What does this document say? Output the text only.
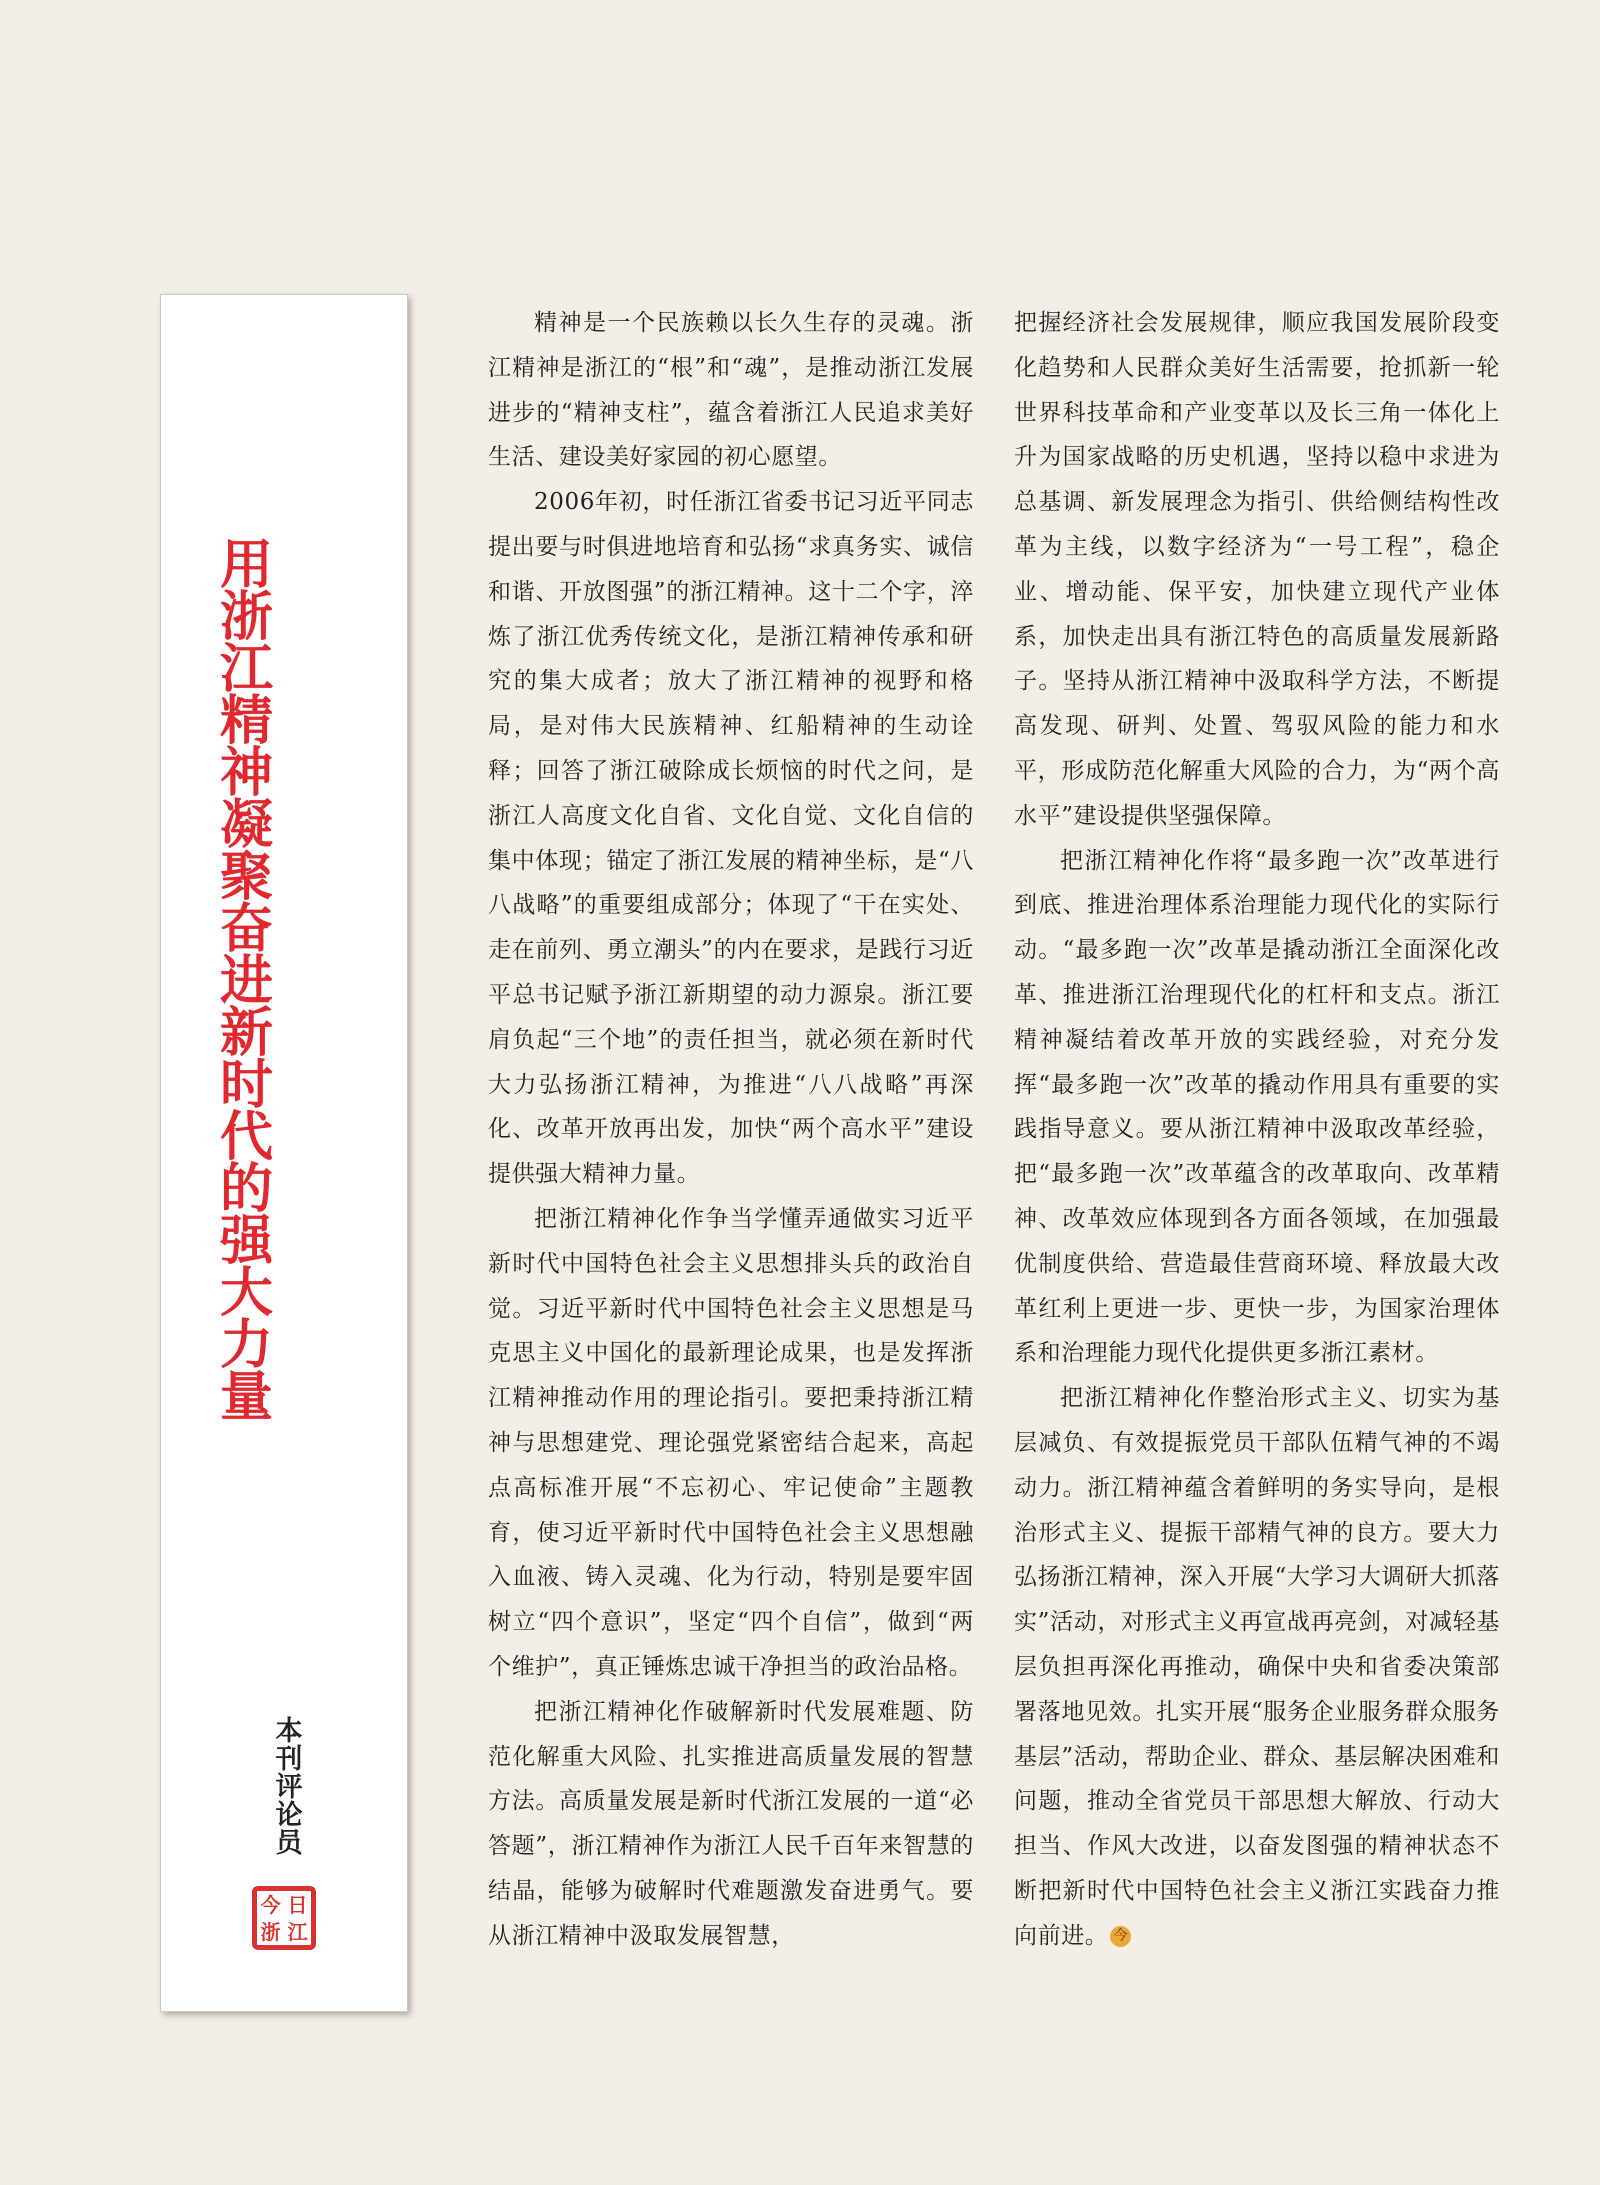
用浙江精神凝聚奋进新时代的强大力量
本刊评论员
今 日
浙 江

精神是一个民族赖以长久生存的灵魂。浙江精神是浙江的“根”和“魂”，是推动浙江发展进步的“精神支柱”，蕴含着浙江人民追求美好生活、建设美好家园的初心愿望。

2006年初，时任浙江省委书记习近平同志提出要与时俱进地培育和弘扬“求真务实、诚信和谐、开放图强”的浙江精神。这十二个字，淬炼了浙江优秀传统文化，是浙江精神传承和研究的集大成者；放大了浙江精神的视野和格局，是对伟大民族精神、红船精神的生动诠释；回答了浙江破除成长烦恼的时代之问，是浙江人高度文化自省、文化自觉、文化自信的集中体现；锚定了浙江发展的精神坐标，是“八八战略”的重要组成部分；体现了“干在实处、走在前列、勇立潮头”的内在要求，是践行习近平总书记赋予浙江新期望的动力源泉。浙江要肩负起“三个地”的责任担当，就必须在新时代大力弘扬浙江精神，为推进“八八战略”再深化、改革开放再出发，加快“两个高水平”建设提供强大精神力量。

把浙江精神化作争当学懂弄通做实习近平新时代中国特色社会主义思想排头兵的政治自觉。习近平新时代中国特色社会主义思想是马克思主义中国化的最新理论成果，也是发挥浙江精神推动作用的理论指引。要把秉持浙江精神与思想建党、理论强党紧密结合起来，高起点高标准开展“不忘初心、牢记使命”主题教育，使习近平新时代中国特色社会主义思想融入血液、铸入灵魂、化为行动，特别是要牢固树立“四个意识”，坚定“四个自信”，做到“两个维护”，真正锤炼忠诚干净担当的政治品格。

把浙江精神化作破解新时代发展难题、防范化解重大风险、扎实推进高质量发展的智慧方法。高质量发展是新时代浙江发展的一道“必答题”，浙江精神作为浙江人民千百年来智慧的结晶，能够为破解时代难题激发奋进勇气。要从浙江精神中汲取发展智慧，

把握经济社会发展规律，顺应我国发展阶段变化趋势和人民群众美好生活需要，抢抓新一轮世界科技革命和产业变革以及长三角一体化上升为国家战略的历史机遇，坚持以稳中求进为总基调、新发展理念为指引、供给侧结构性改革为主线，以数字经济为“一号工程”，稳企业、增动能、保平安，加快建立现代产业体系，加快走出具有浙江特色的高质量发展新路子。坚持从浙江精神中汲取科学方法，不断提高发现、研判、处置、驾驭风险的能力和水平，形成防范化解重大风险的合力，为“两个高水平”建设提供坚强保障。

把浙江精神化作将“最多跑一次”改革进行到底、推进治理体系治理能力现代化的实际行动。“最多跑一次”改革是撬动浙江全面深化改革、推进浙江治理现代化的杠杆和支点。浙江精神凝结着改革开放的实践经验，对充分发挥“最多跑一次”改革的撬动作用具有重要的实践指导意义。要从浙江精神中汲取改革经验，把“最多跑一次”改革蕴含的改革取向、改革精神、改革效应体现到各方面各领域，在加强最优制度供给、营造最佳营商环境、释放最大改革红利上更进一步、更快一步，为国家治理体系和治理能力现代化提供更多浙江素材。

把浙江精神化作整治形式主义、切实为基层减负、有效提振党员干部队伍精气神的不竭动力。浙江精神蕴含着鲜明的务实导向，是根治形式主义、提振干部精气神的良方。要大力弘扬浙江精神，深入开展“大学习大调研大抓落实”活动，对形式主义再宣战再亮剑，对减轻基层负担再深化再推动，确保中央和省委决策部署落地见效。扎实开展“服务企业服务群众服务基层”活动，帮助企业、群众、基层解决困难和问题，推动全省党员干部思想大解放、行动大担当、作风大改进，以奋发图强的精神状态不断把新时代中国特色社会主义浙江实践奋力推向前进。 今
